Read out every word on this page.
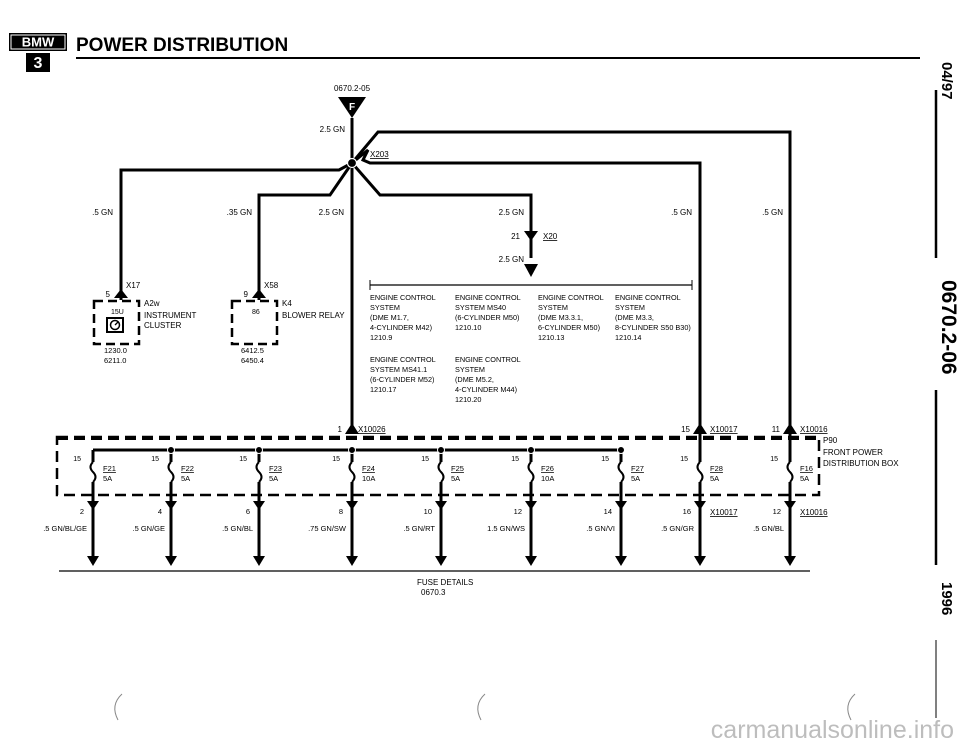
BMW
3
POWER DISTRIBUTION
04/97
0670.2-06
1996
0670.2-05
F
2.5 GN
X203
.5 GN	.35 GN	2.5 GN	2.5 GN	.5 GN	.5 GN
21	X20
2.5 GN
5
X17
15U
A2w
INSTRUMENT
CLUSTER
1230.0
6211.0
9
X58
86
K4
BLOWER RELAY
6412.5
6450.4
ENGINE CONTROL
SYSTEM
(DME M1.7,
4-CYLINDER M42)
1210.9
ENGINE CONTROL
SYSTEM MS40
(6-CYLINDER M50)
1210.10
ENGINE CONTROL
SYSTEM
(DME M3.3.1,
6-CYLINDER M50)
1210.13
ENGINE CONTROL
SYSTEM
(DME M3.3,
8-CYLINDER S50 B30)
1210.14
ENGINE CONTROL
SYSTEM MS41.1
(6-CYLINDER M52)
1210.17
ENGINE CONTROL
SYSTEM
(DME M5.2,
4-CYLINDER M44)
1210.20
1 X10026	15	X10017	11	X10016
P90
FRONT POWER
DISTRIBUTION BOX
15
F21
5A
2
.5 GN/BL/GE
15
F22
5A
4
.5 GN/GE
15
F23
5A
6
.5 GN/BL
15
F24
10A
8
.75 GN/SW
15
F25
5A
10
.5 GN/RT
15
F26
10A
12
1.5 GN/WS
15
F27
5A
14
.5 GN/VI
15
F28
5A
16
.5 GN/GR
15
F16
5A
12
.5 GN/BL
X10017	X10016
FUSE DETAILS
0670.3
carmanualsonline.info
